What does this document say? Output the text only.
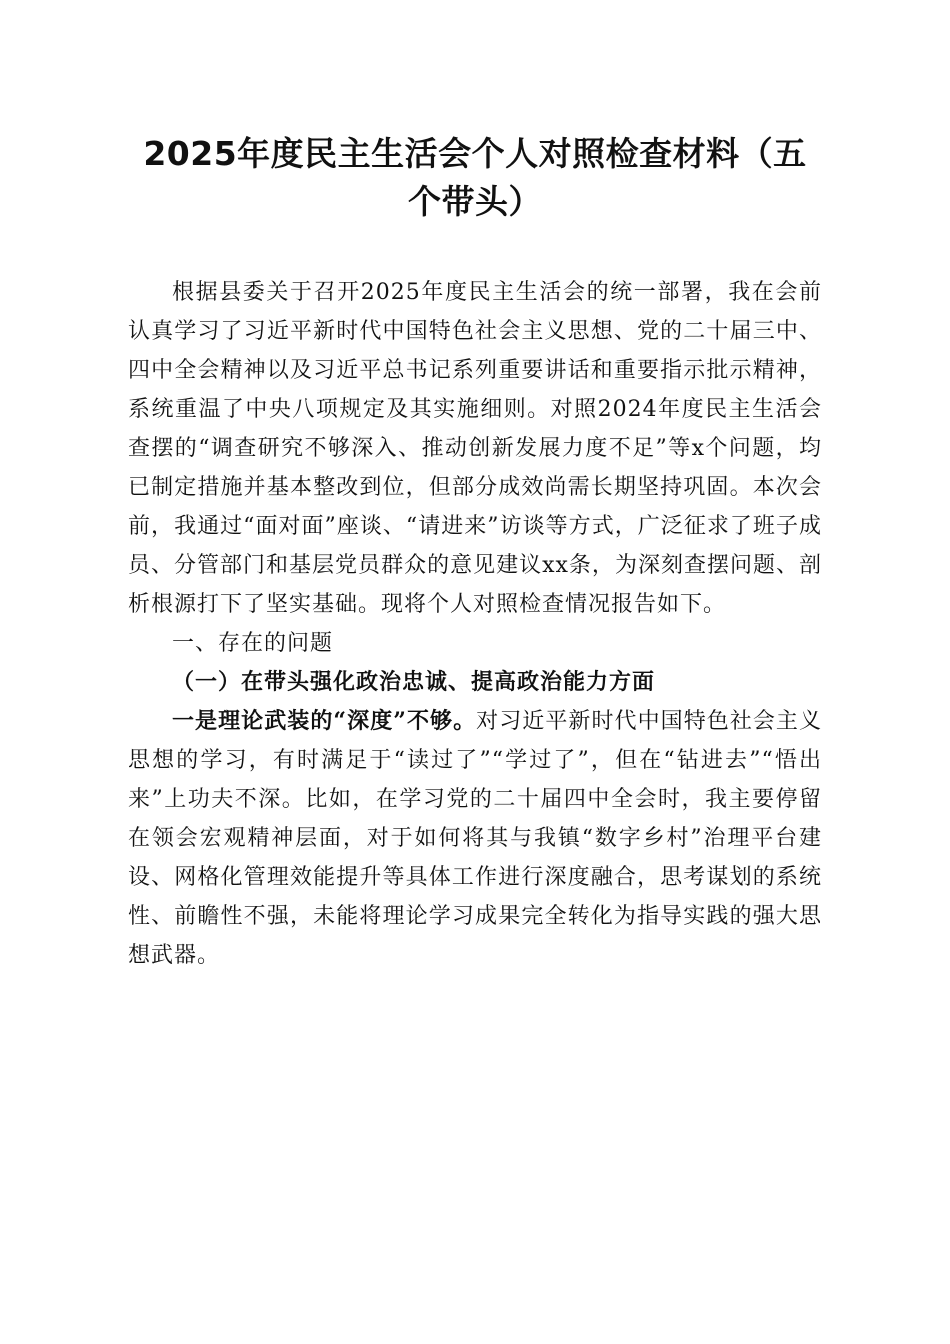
2025年度民主生活会个人对照检查材料（五个带头）

根据县委关于召开2025年度民主生活会的统一部署，我在会前认真学习了习近平新时代中国特色社会主义思想、党的二十届三中、四中全会精神以及习近平总书记系列重要讲话和重要指示批示精神，系统重温了中央八项规定及其实施细则。对照2024年度民主生活会查摆的“调查研究不够深入、推动创新发展力度不足”等x个问题，均已制定措施并基本整改到位，但部分成效尚需长期坚持巩固。本次会前，我通过“面对面”座谈、“请进来”访谈等方式，广泛征求了班子成员、分管部门和基层党员群众的意见建议xx条，为深刻查摆问题、剖析根源打下了坚实基础。现将个人对照检查情况报告如下。

一、存在的问题

（一）在带头强化政治忠诚、提高政治能力方面

一是理论武装的“深度”不够。对习近平新时代中国特色社会主义思想的学习，有时满足于“读过了”“学过了”，但在“钻进去”“悟出来”上功夫不深。比如，在学习党的二十届四中全会时，我主要停留在领会宏观精神层面，对于如何将其与我镇“数字乡村”治理平台建设、网格化管理效能提升等具体工作进行深度融合，思考谋划的系统性、前瞻性不强，未能将理论学习成果完全转化为指导实践的强大思想武器。
